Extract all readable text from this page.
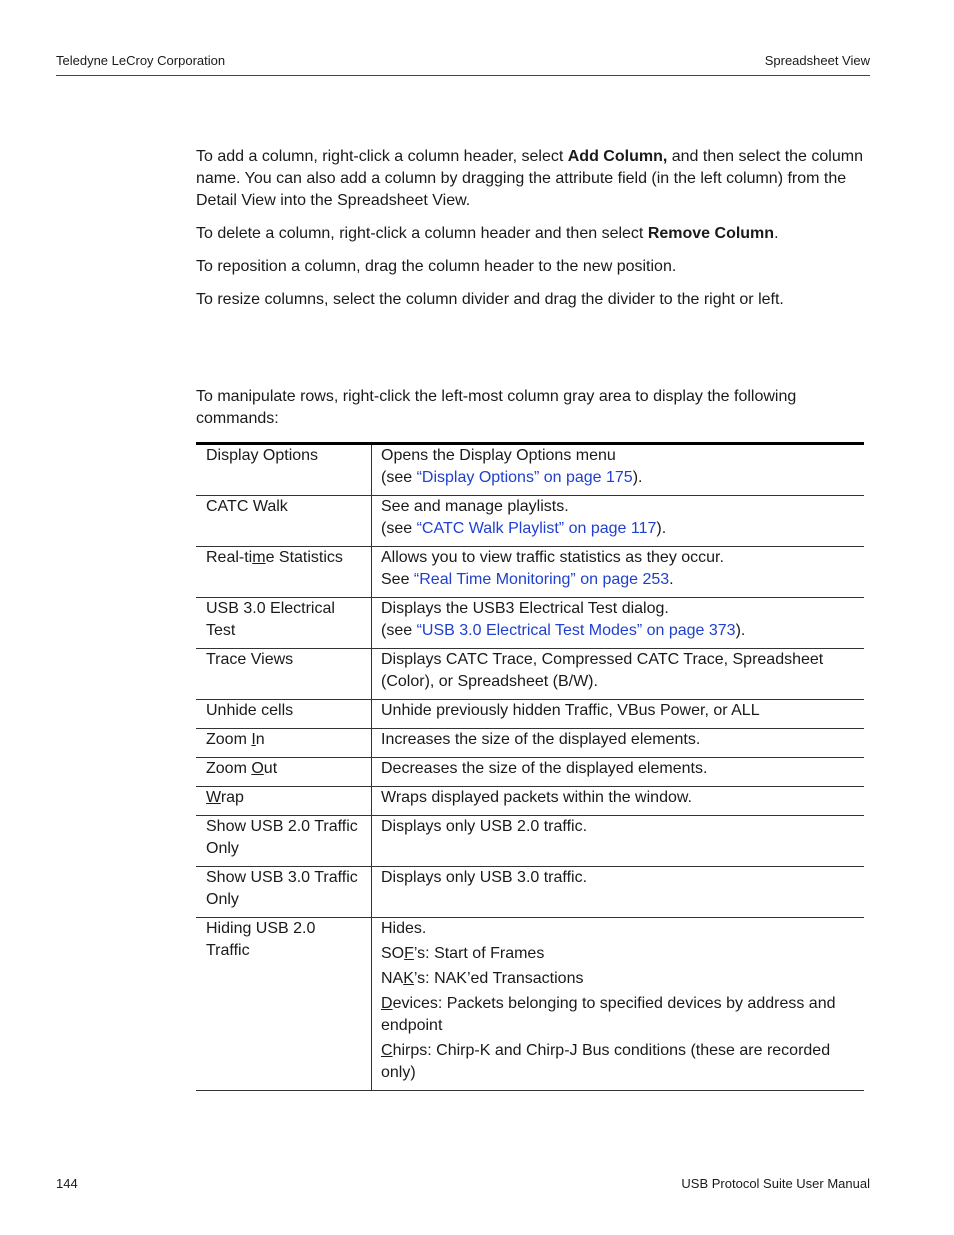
Teledyne LeCroy Corporation	Spreadsheet View

To add a column, right-click a column header, select Add Column, and then select the column name. You can also add a column by dragging the attribute field (in the left column) from the Detail View into the Spreadsheet View.

To delete a column, right-click a column header and then select Remove Column.

To reposition a column, drag the column header to the new position.

To resize columns, select the column divider and drag the divider to the right or left.

To manipulate rows, right-click the left-most column gray area to display the following commands:

Display Options	Opens the Display Options menu
(see “Display Options” on page 175).

CATC Walk	See and manage playlists.
(see “CATC Walk Playlist” on page 117).

Real-time Statistics	Allows you to view traffic statistics as they occur.
See “Real Time Monitoring” on page 253.

USB 3.0 Electrical Test	Displays the USB3 Electrical Test dialog.
(see “USB 3.0 Electrical Test Modes” on page 373).

Trace Views	Displays CATC Trace, Compressed CATC Trace, Spreadsheet (Color), or Spreadsheet (B/W).
Unhide cells	Unhide previously hidden Traffic, VBus Power, or ALL
Zoom In	Increases the size of the displayed elements.
Zoom Out	Decreases the size of the displayed elements.
Wrap	Wraps displayed packets within the window.
Show USB 2.0 Traffic Only	Displays only USB 2.0 traffic.
Show USB 3.0 Traffic Only	Displays only USB 3.0 traffic.
Hiding USB 2.0 Traffic	Hides.
SOF’s: Start of Frames
NAK’s: NAK’ed Transactions
Devices: Packets belonging to specified devices by address and endpoint
Chirps: Chirp-K and Chirp-J Bus conditions (these are recorded only)
144	USB Protocol Suite User Manual
